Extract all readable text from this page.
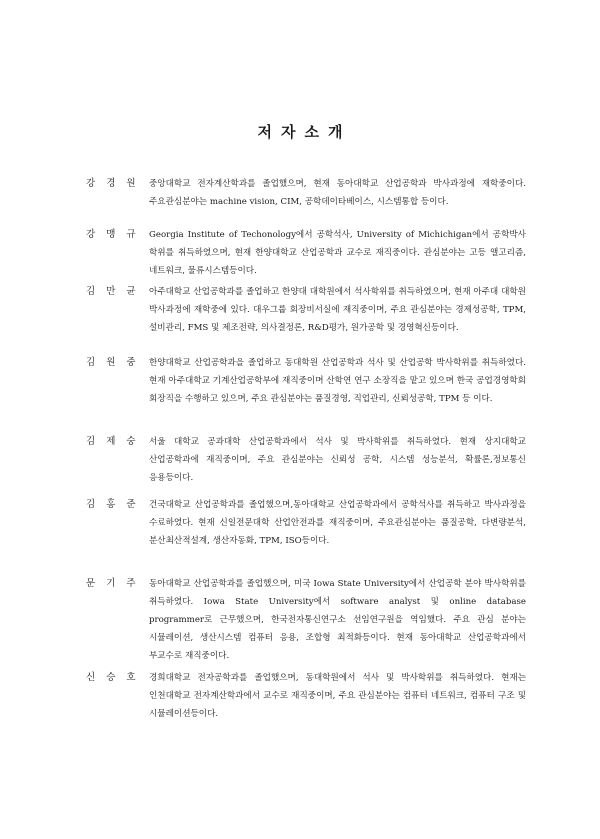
저자소개
강 경 원	중앙대학교 전자계산학과를 졸업했으며, 현재 동아대학교 산업공학과 박사과정에 재학중이다. 주요관심분야는 machine vision, CIM, 공학데이타베이스, 시스템통합 등이다.
강 맹 규	Georgia Institute of Techonology에서 공학석사, University of Michichigan에서 공학박사 학위를 취득하였으며, 현재 한양대학교 산업공학과 교수로 재직중이다. 관심분야는 고등 앨고리즘, 네트워크, 물류시스템등이다.
김 만 균	아주대학교 산업공학과를 졸업하고 한양대 대학원에서 석사학위를 취득하였으며, 현재 아주대 대학원 박사과정에 재학중에 있다. 대우그룹 회장비서실에 재직중이며, 주요 관심분야는 경제성공학, TPM, 설비관리, FMS 및 제조전략, 의사결정론, R&D평가, 원가공학 및 경영혁신등이다.
김 원 중	한양대학교 산업공학과을 졸업하고 동대학원 산업공학과 석사 및 산업공학 박사학위를 취득하였다. 현재 아주대학교 기계산업공학부에 재직중이며 산학연 연구 소장직을 맡고 있으며 한국 공업경영학회 회장직을 수행하고 있으며, 주요 관심분야는 품질경영, 직업관리, 신뢰성공학, TPM 등 이다.
김 제 숭	서울 대학교 공과대학 산업공학과에서 석사 및 박사학위를 취득하였다. 현재 상지대학교 산업공학과에 재직중이며, 주요 관심분야는 신뢰성 공학, 시스템 성능분석, 확률론,정보통신 응용등이다.
김 홍 준	건국대학교 산업공학과를 졸업했으며,동아대학교 산업공학과에서 공학석사를 취득하고 박사과정을 수료하였다. 현재 신일전문대학 산업안전과를 재직중이며, 주요관심분야는 품질공학, 다변량분석, 분산최산적설계, 생산자동화, TPM, ISO등이다.
문 기 주	동아대학교 산업공학과를 졸업했으며, 미국 Iowa State University에서 산업공학 분야 박사학위를 취득하였다. Iowa State University에서 software analyst 및 online database programmer로 근무했으며, 한국전자통신연구소 선임연구원을 역임했다. 주요 관심 분야는 시뮬레이션, 생산시스템 컴퓨터 응용, 조합형 최적화등이다. 현재 동아대학교 산업공학과에서 부교수로 재직중이다.
신 승 호	경희대학교 전자공학과를 졸업했으며, 동대학원에서 석사 및 박사학위를 취득하였다. 현재는 인천대학교 전자계산학과에서 교수로 재직중이며, 주요 관심분야는 컴퓨터 네트워크, 컴퓨터 구조 및 시뮬레이션등이다.
